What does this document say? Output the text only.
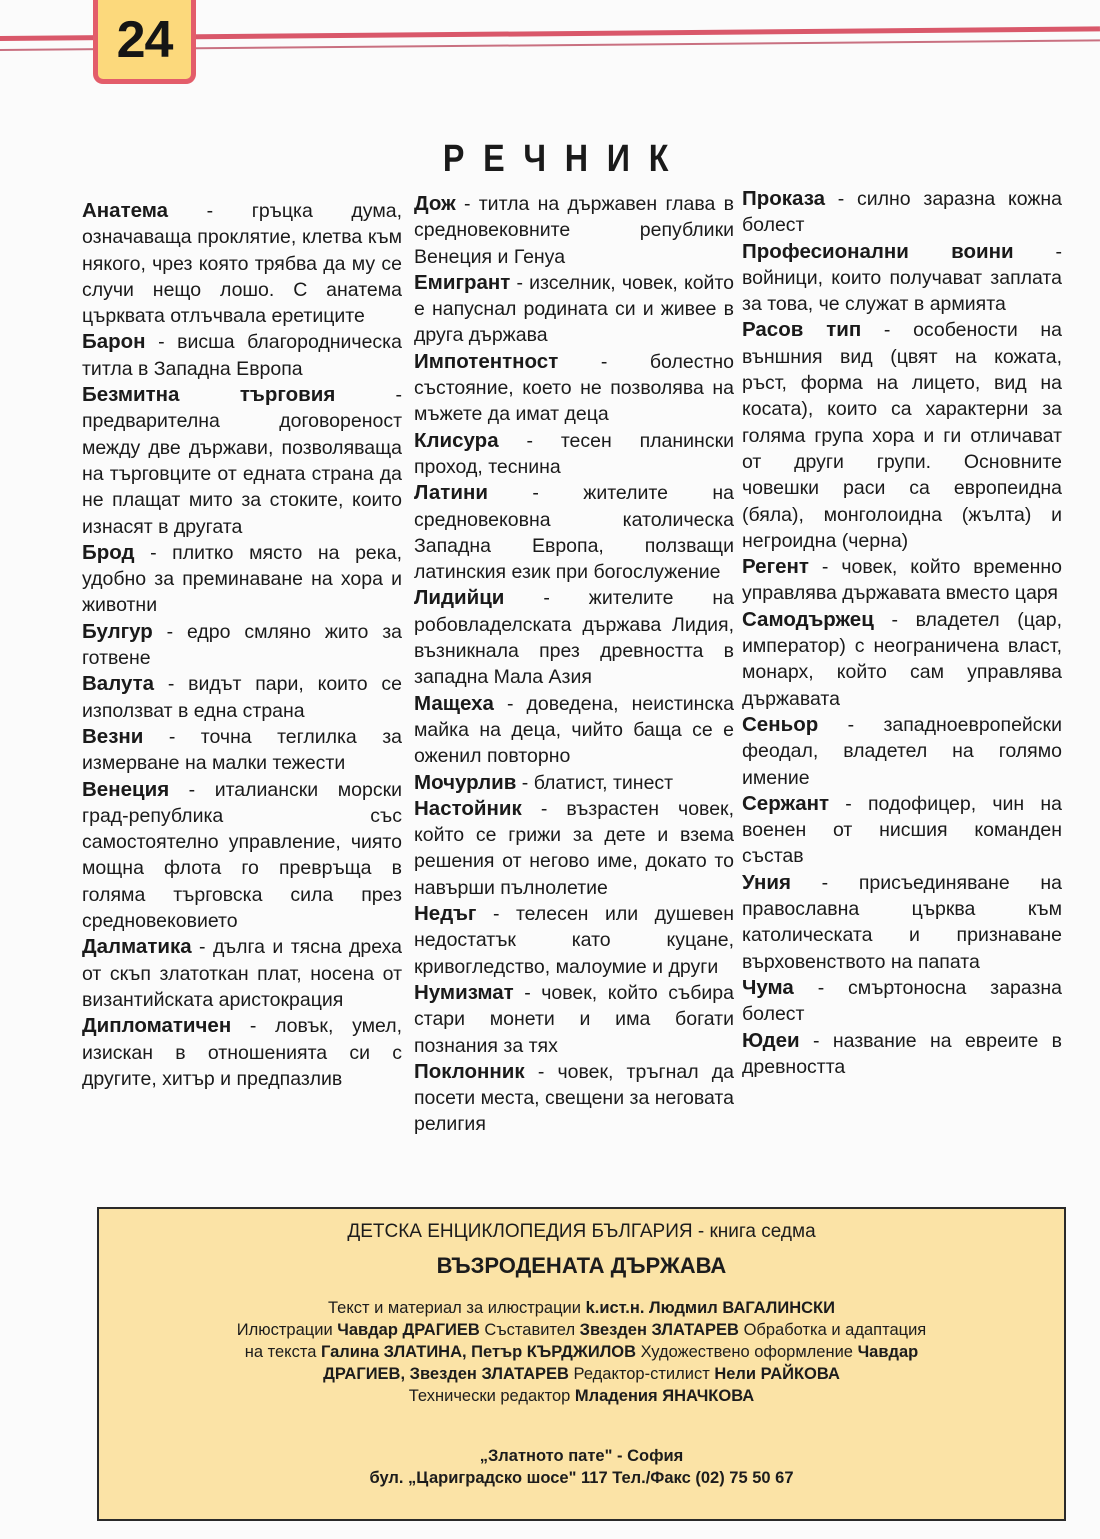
24
РЕЧНИК

Анатема - гръцка дума, означаваща проклятие, клетва към някого, чрез която трябва да му се случи нещо лошо. С анатема църквата отлъчвала еретиците

Барон - висша благородническа титла в Западна Европа

Безмитна търговия - предварителна договореност между две държави, позволяваща на търговците от едната страна да не плащат мито за стоките, които изнасят в другата

Брод - плитко място на река, удобно за преминаване на хора и животни

Булгур - едро смляно жито за готвене

Валута - видът пари, които се използват в една страна

Везни - точна теглилка за измерване на малки тежести

Венеция - италиански морски град-република със самостоятелно управление, чиято мощна флота го превръща в голяма търговска сила през средновековието

Далматика - дълга и тясна дреха от скъп златоткан плат, носена от византийската аристокрация

Дипломатичен - ловък, умел, изискан в отношенията си с другите, хитър и предпазлив

Дож - титла на държавен глава в средновековните републики Венеция и Генуа

Емигрант - изселник, човек, който е напуснал родината си и живее в друга държава

Импотентност - болестно състояние, което не позволява на мъжете да имат деца

Клисура - тесен планински проход, теснина

Латини - жителите на средновековна католическа Западна Европа, ползващи латинския език при богослужение

Лидийци - жителите на робовладелската държава Лидия, възникнала през древността в западна Мала Азия

Мащеха - доведена, неистинска майка на деца, чийто баща се е оженил повторно

Мочурлив - блатист, тинест

Настойник - възрастен човек, който се грижи за дете и взема решения от негово име, докато то навърши пълнолетие

Недъг - телесен или душевен недостатък като куцане, кривогледство, малоумие и други

Нумизмат - човек, който събира стари монети и има богати познания за тях

Поклонник - човек, тръгнал да посети места, свещени за неговата религия

Проказа - силно заразна кожна болест

Професионални воини - войници, които получават заплата за това, че служат в армията

Расов тип - особености на външния вид (цвят на кожата, ръст, форма на лицето, вид на косата), които са характерни за голяма група хора и ги отличават от други групи. Основните човешки раси са европеидна (бяла), монголоидна (жълта) и негроидна (черна)

Регент - човек, който временно управлява държавата вместо царя

Самодържец - владетел (цар, император) с неограничена власт, монарх, който сам управлява държавата

Сеньор - западноевропейски феодал, владетел на голямо имение

Сержант - подофицер, чин на военен от нисшия команден състав

Уния - присъединяване на православна църква към католическата и признаване върховенството на папата

Чума - смъртоносна заразна болест

Юдеи - название на евреите в древността

ДЕТСКА ЕНЦИКЛОПЕДИЯ БЪЛГАРИЯ - книга седма
ВЪЗРОДЕНАТА ДЪРЖАВА
Текст и материал за илюстрации k.ист.н. Людмил ВАГАЛИНСКИ
Илюстрации Чавдар ДРАГИЕВ Съставител Звезден ЗЛАТАРЕВ Обработка и адаптация
на текста Галина ЗЛАТИНА, Петър КЪРДЖИЛОВ Художествено оформление Чавдар
ДРАГИЕВ, Звезден ЗЛАТАРЕВ Редактор-стилист Нели РАЙКОВА
Технически редактор Младения ЯНАЧКОВА
„Златното пате" - София
бул. „Цариградско шосе" 117 Тел./Факс (02) 75 50 67
